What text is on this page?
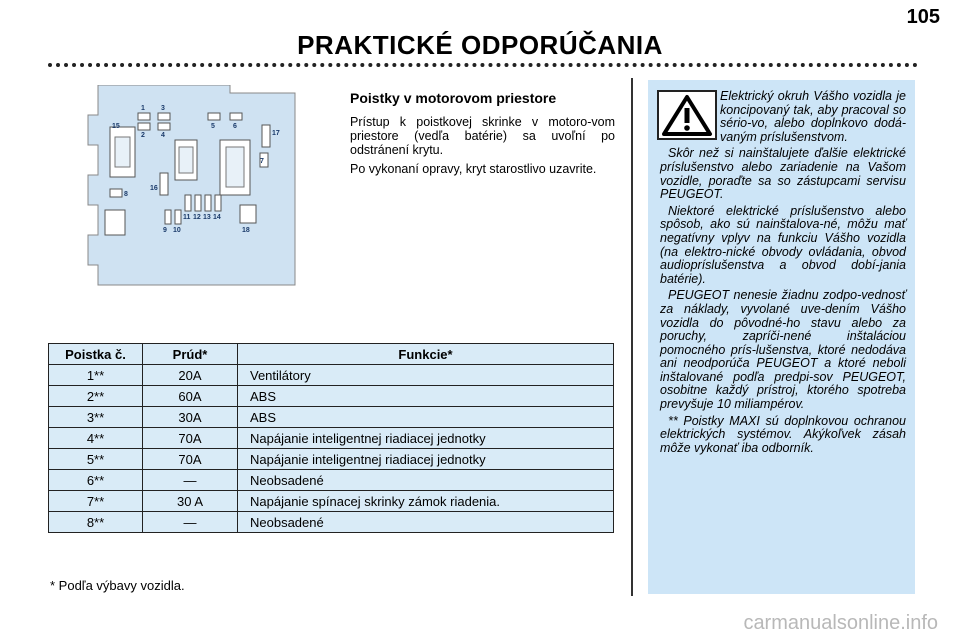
105
PRAKTICKÉ ODPORÚČANIA
1 3
2 4
5	6
15
17
7
16
8
11 12 13 14
9 10	18
Poistky v motorovom priestore

Prístup k poistkovej skrinke v motoro-vom priestore (vedľa batérie) sa uvoľní po odstránení krytu.

Po vykonaní opravy, kryt starostlivo uzavrite.

Poistka č.	Prúd*	Funkcie*
1**	20A	Ventilátory
2**	60A	ABS
3**	30A	ABS
4**	70A	Napájanie inteligentnej riadiacej jednotky
5**	70A	Napájanie inteligentnej riadiacej jednotky
6**	—	Neobsadené
7**	30 A	Napájanie spínacej skrinky zámok riadenia.
8**	—	Neobsadené
* Podľa výbavy vozidla.

Elektrický okruh Vášho vozidla je koncipovaný tak, aby pracoval so sério-vo, alebo doplnkovo dodá-vaným príslušenstvom.

Skôr než si nainštalujete ďalšie elektrické príslušenstvo alebo zariadenie na Vašom vozidle, poraďte sa so zástupcami servisu PEUGEOT.

Niektoré elektrické príslušenstvo alebo spôsob, ako sú nainštalova-né, môžu mať negatívny vplyv na funkciu Vášho vozidla (na elektro-nické obvody ovládania, obvod audiopríslušenstva a obvod dobí-jania batérie).

PEUGEOT nenesie žiadnu zodpo-vednosť za náklady, vyvolané uve-dením Vášho vozidla do pôvodné-ho stavu alebo za poruchy, zapríči-nené inštaláciou pomocného prís-lušenstva, ktoré nedodáva ani neodporúča PEUGEOT a ktoré neboli inštalované podľa predpi-sov PEUGEOT, osobitne každý prístroj, ktorého spotreba prevyšuje 10 miliampérov.

** Poistky MAXI sú doplnkovou ochranou elektrických systémov. Akýkoľvek zásah môže vykonať iba odborník.

carmanualsonline.info
